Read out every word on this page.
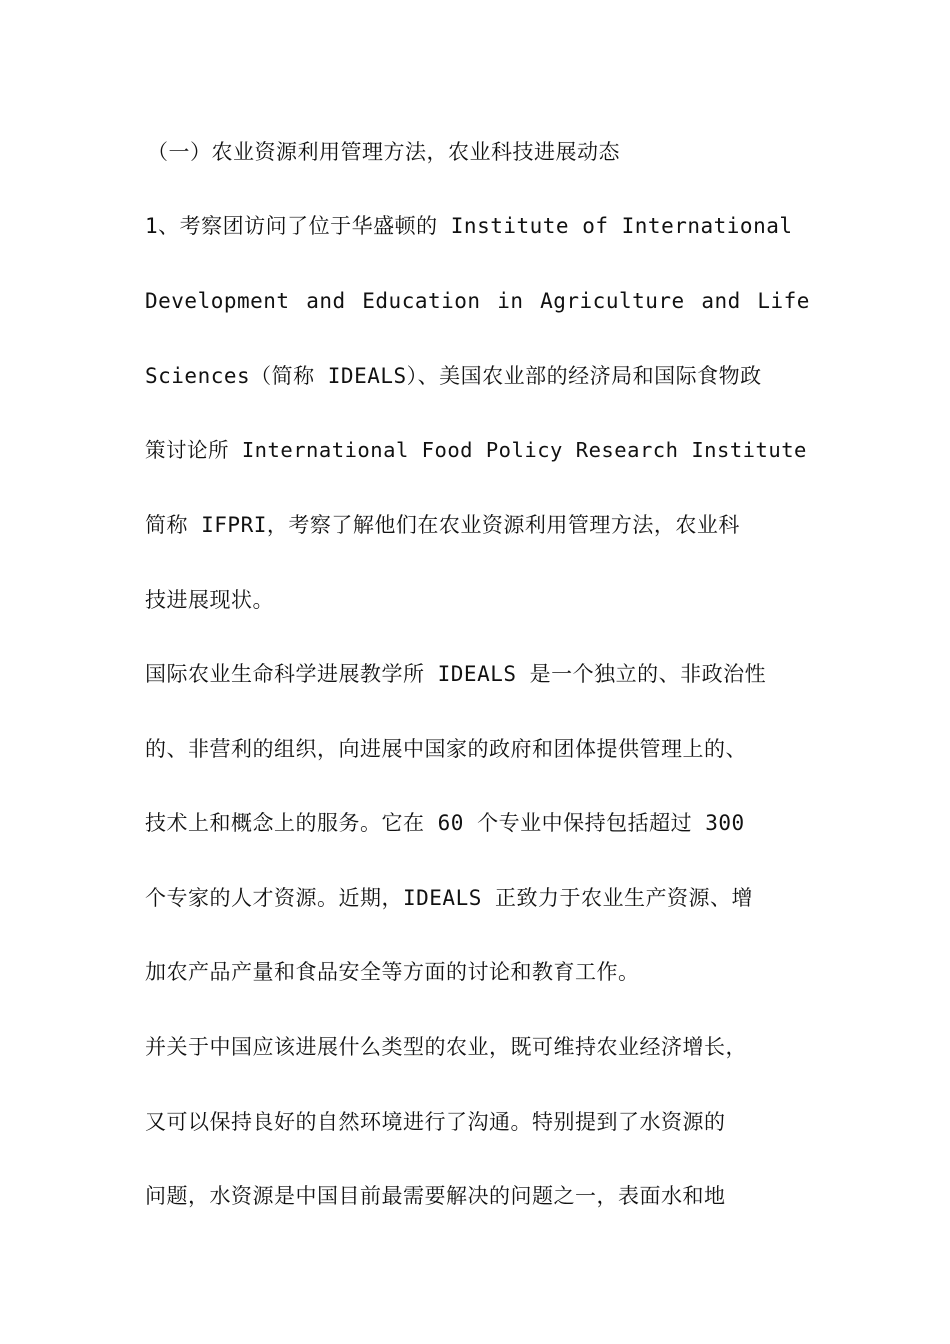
（一）农业资源利用管理方法，农业科技进展动态
1、考察团访问了位于华盛顿的 Institute of International
Development and Education in Agriculture and Life
Sciences（简称 IDEALS）、美国农业部的经济局和国际食物政
策讨论所 International Food Policy Research Institute
简称 IFPRI，考察了解他们在农业资源利用管理方法，农业科
技进展现状。
国际农业生命科学进展教学所 IDEALS 是一个独立的、非政治性
的、非营利的组织，向进展中国家的政府和团体提供管理上的、
技术上和概念上的服务。它在 60 个专业中保持包括超过 300
个专家的人才资源。近期，IDEALS 正致力于农业生产资源、增
加农产品产量和食品安全等方面的讨论和教育工作。
并关于中国应该进展什么类型的农业，既可维持农业经济增长，
又可以保持良好的自然环境进行了沟通。特别提到了水资源的
问题，水资源是中国目前最需要解决的问题之一，表面水和地
